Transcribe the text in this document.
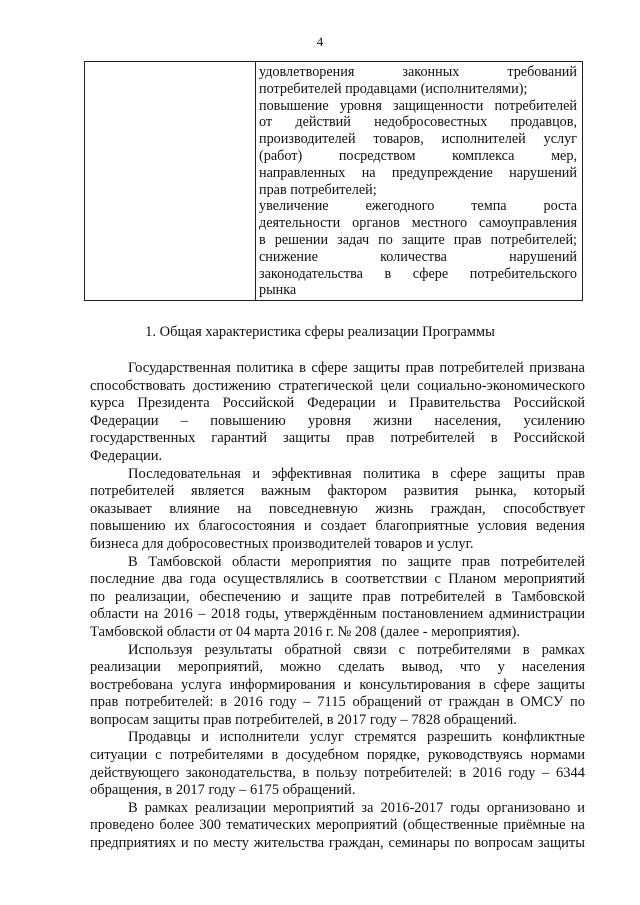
4
удовлетворения законных требований
потребителей продавцами (исполнителями);
повышение уровня защищенности потребителей
от действий недобросовестных продавцов,
производителей товаров, исполнителей услуг
(работ) посредством комплекса мер,
направленных на предупреждение нарушений
прав потребителей;
увеличение ежегодного темпа роста
деятельности органов местного самоуправления
в решении задач по защите прав потребителей;
снижение количества нарушений
законодательства в сфере потребительского
рынка
1. Общая характеристика сферы реализации Программы
Государственная политика в сфере защиты прав потребителей призвана
способствовать достижению стратегической цели социально-экономического
курса Президента Российской Федерации и Правительства Российской
Федерации – повышению уровня жизни населения, усилению
государственных гарантий защиты прав потребителей в Российской
Федерации.
Последовательная и эффективная политика в сфере защиты прав
потребителей является важным фактором развития рынка, который
оказывает влияние на повседневную жизнь граждан, способствует
повышению их благосостояния и создает благоприятные условия ведения
бизнеса для добросовестных производителей товаров и услуг.
В Тамбовской области мероприятия по защите прав потребителей
последние два года осуществлялись в соответствии с Планом мероприятий
по реализации, обеспечению и защите прав потребителей в Тамбовской
области на 2016 – 2018 годы, утверждённым постановлением администрации
Тамбовской области от 04 марта 2016 г. № 208 (далее - мероприятия).
Используя результаты обратной связи с потребителями в рамках
реализации мероприятий, можно сделать вывод, что у населения
востребована услуга информирования и консультирования в сфере защиты
прав потребителей: в 2016 году – 7115 обращений от граждан в ОМСУ по
вопросам защиты прав потребителей, в 2017 году – 7828 обращений.
Продавцы и исполнители услуг стремятся разрешить конфликтные
ситуации с потребителями в досудебном порядке, руководствуясь нормами
действующего законодательства, в пользу потребителей: в 2016 году – 6344
обращения, в 2017 году – 6175 обращений.
В рамках реализации мероприятий за 2016-2017 годы организовано и
проведено более 300 тематических мероприятий (общественные приёмные на
предприятиях и по месту жительства граждан, семинары по вопросам защиты
